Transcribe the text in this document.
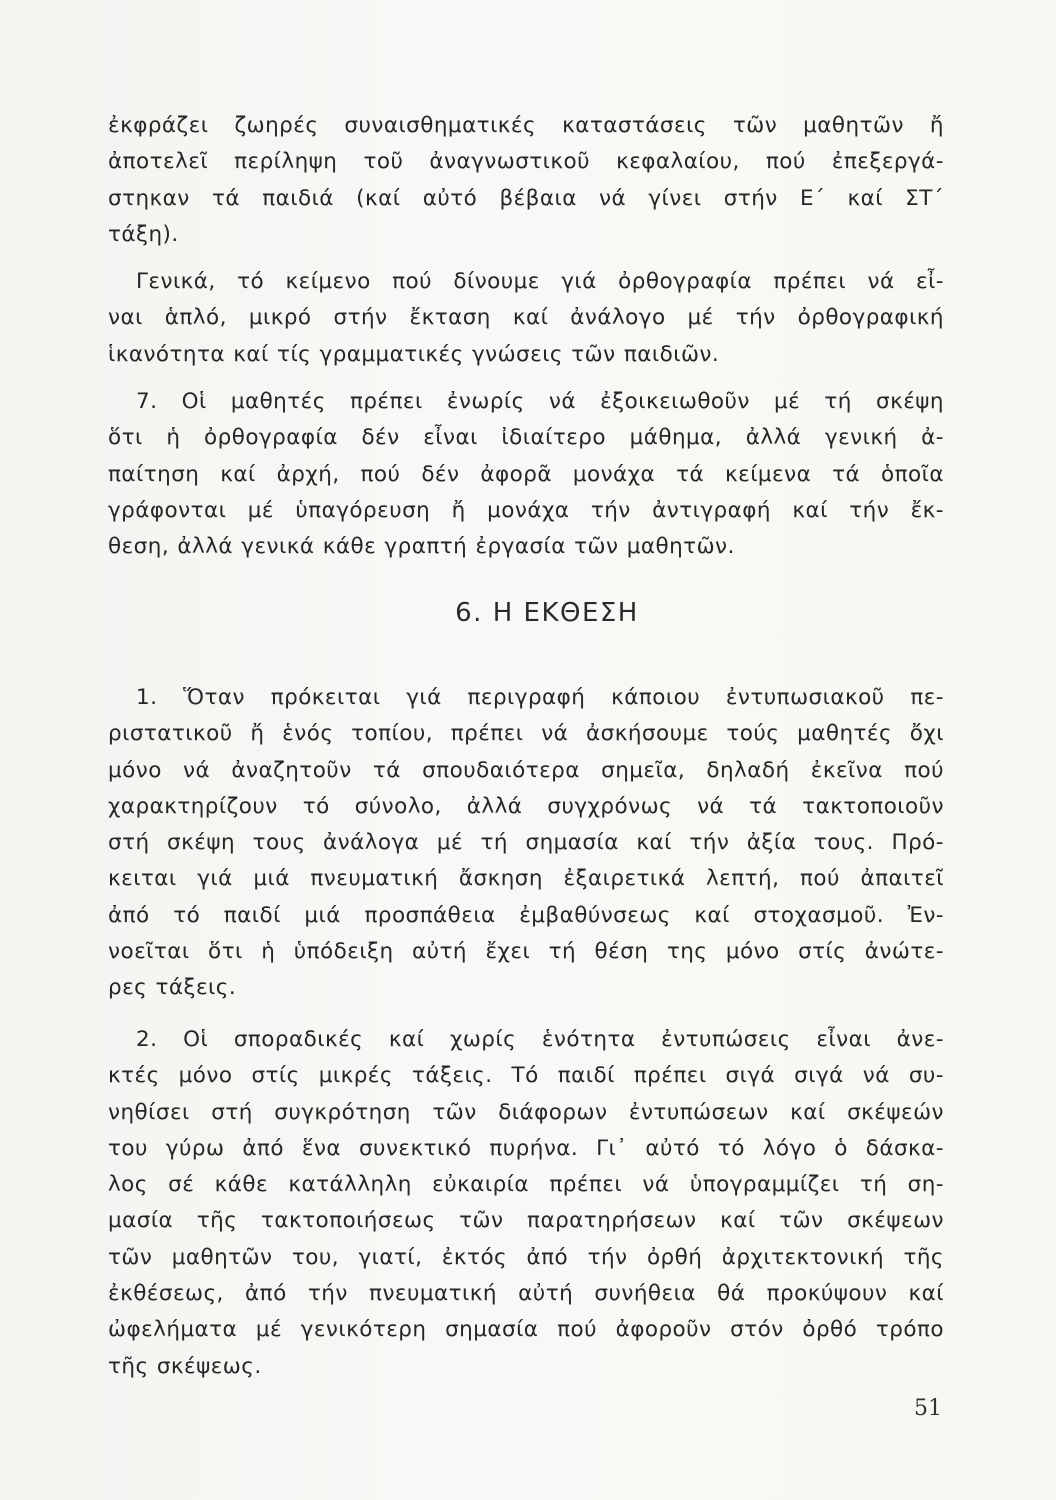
ἐκφράζει ζωηρές συναισθηματικές καταστάσεις τῶν μαθητῶν ἤ
ἀποτελεῖ περίληψη τοῦ ἀναγνωστικοῦ κεφαλαίου, πού ἐπεξεργά-
στηκαν τά παιδιά (καί αὐτό βέβαια νά γίνει στήν Ε΄ καί ΣΤ΄
τάξη).
Γενικά, τό κείμενο πού δίνουμε γιά ὀρθογραφία πρέπει νά εἶ-
ναι ἁπλό, μικρό στήν ἔκταση καί ἀνάλογο μέ τήν ὀρθογραφική
ἱκανότητα καί τίς γραμματικές γνώσεις τῶν παιδιῶν.
7. Οἱ μαθητές πρέπει ἐνωρίς νά ἐξοικειωθοῦν μέ τή σκέψη
ὅτι ἡ ὀρθογραφία δέν εἶναι ἰδιαίτερο μάθημα, ἀλλά γενική ἀ-
παίτηση καί ἀρχή, πού δέν ἀφορᾶ μονάχα τά κείμενα τά ὁποῖα
γράφονται μέ ὑπαγόρευση ἤ μονάχα τήν ἀντιγραφή καί τήν ἔκ-
θεση, ἀλλά γενικά κάθε γραπτή ἐργασία τῶν μαθητῶν.
6. Η ΕΚΘΕΣΗ
1. Ὅταν πρόκειται γιά περιγραφή κάποιου ἐντυπωσιακοῦ πε-
ριστατικοῦ ἤ ἑνός τοπίου, πρέπει νά ἀσκήσουμε τούς μαθητές ὄχι
μόνο νά ἀναζητοῦν τά σπουδαιότερα σημεῖα, δηλαδή ἐκεῖνα πού
χαρακτηρίζουν τό σύνολο, ἀλλά συγχρόνως νά τά τακτοποιοῦν
στή σκέψη τους ἀνάλογα μέ τή σημασία καί τήν ἀξία τους. Πρό-
κειται γιά μιά πνευματική ἄσκηση ἐξαιρετικά λεπτή, πού ἀπαιτεῖ
ἀπό τό παιδί μιά προσπάθεια ἐμβαθύνσεως καί στοχασμοῦ. Ἐν-
νοεῖται ὅτι ἡ ὑπόδειξη αὐτή ἔχει τή θέση της μόνο στίς ἀνώτε-
ρες τάξεις.
2. Οἱ σποραδικές καί χωρίς ἑνότητα ἐντυπώσεις εἶναι ἀνε-
κτές μόνο στίς μικρές τάξεις. Τό παιδί πρέπει σιγά σιγά νά συ-
νηθίσει στή συγκρότηση τῶν διάφορων ἐντυπώσεων καί σκέψεών
του γύρω ἀπό ἕνα συνεκτικό πυρήνα. Γι᾿ αὐτό τό λόγο ὁ δάσκα-
λος σέ κάθε κατάλληλη εὐκαιρία πρέπει νά ὑπογραμμίζει τή ση-
μασία τῆς τακτοποιήσεως τῶν παρατηρήσεων καί τῶν σκέψεων
τῶν μαθητῶν του, γιατί, ἐκτός ἀπό τήν ὀρθή ἀρχιτεκτονική τῆς
ἐκθέσεως, ἀπό τήν πνευματική αὐτή συνήθεια θά προκύψουν καί
ὠφελήματα μέ γενικότερη σημασία πού ἀφοροῦν στόν ὀρθό τρόπο
τῆς σκέψεως.
51
